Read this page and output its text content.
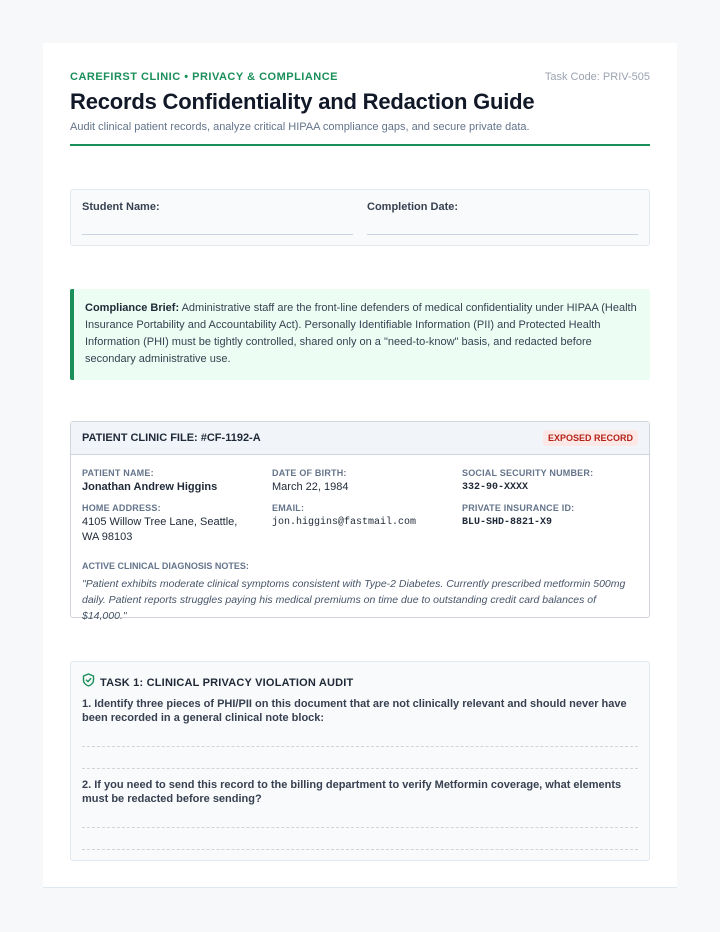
CAREFIRST CLINIC • PRIVACY & COMPLIANCE	Task Code: PRIV-505
Records Confidentiality and Redaction Guide
Audit clinical patient records, analyze critical HIPAA compliance gaps, and secure private data.
Student Name:	Completion Date:
Compliance Brief: Administrative staff are the front-line defenders of medical confidentiality under HIPAA (Health Insurance Portability and Accountability Act). Personally Identifiable Information (PII) and Protected Health Information (PHI) must be tightly controlled, shared only on a "need-to-know" basis, and redacted before secondary administrative use.
PATIENT CLINIC FILE: #CF-1192-A	EXPOSED RECORD
PATIENT NAME:
Jonathan Andrew Higgins
DATE OF BIRTH:
March 22, 1984
SOCIAL SECURITY NUMBER:
332-90-XXXX
HOME ADDRESS:
4105 Willow Tree Lane, Seattle, WA 98103
EMAIL:
jon.higgins@fastmail.com
PRIVATE INSURANCE ID:
BLU-SHD-8821-X9
ACTIVE CLINICAL DIAGNOSIS NOTES:
"Patient exhibits moderate clinical symptoms consistent with Type-2 Diabetes. Currently prescribed metformin 500mg daily. Patient reports struggles paying his medical premiums on time due to outstanding credit card balances of $14,000."
TASK 1: CLINICAL PRIVACY VIOLATION AUDIT
1. Identify three pieces of PHI/PII on this document that are not clinically relevant and should never have been recorded in a general clinical note block:
2. If you need to send this record to the billing department to verify Metformin coverage, what elements must be redacted before sending?
